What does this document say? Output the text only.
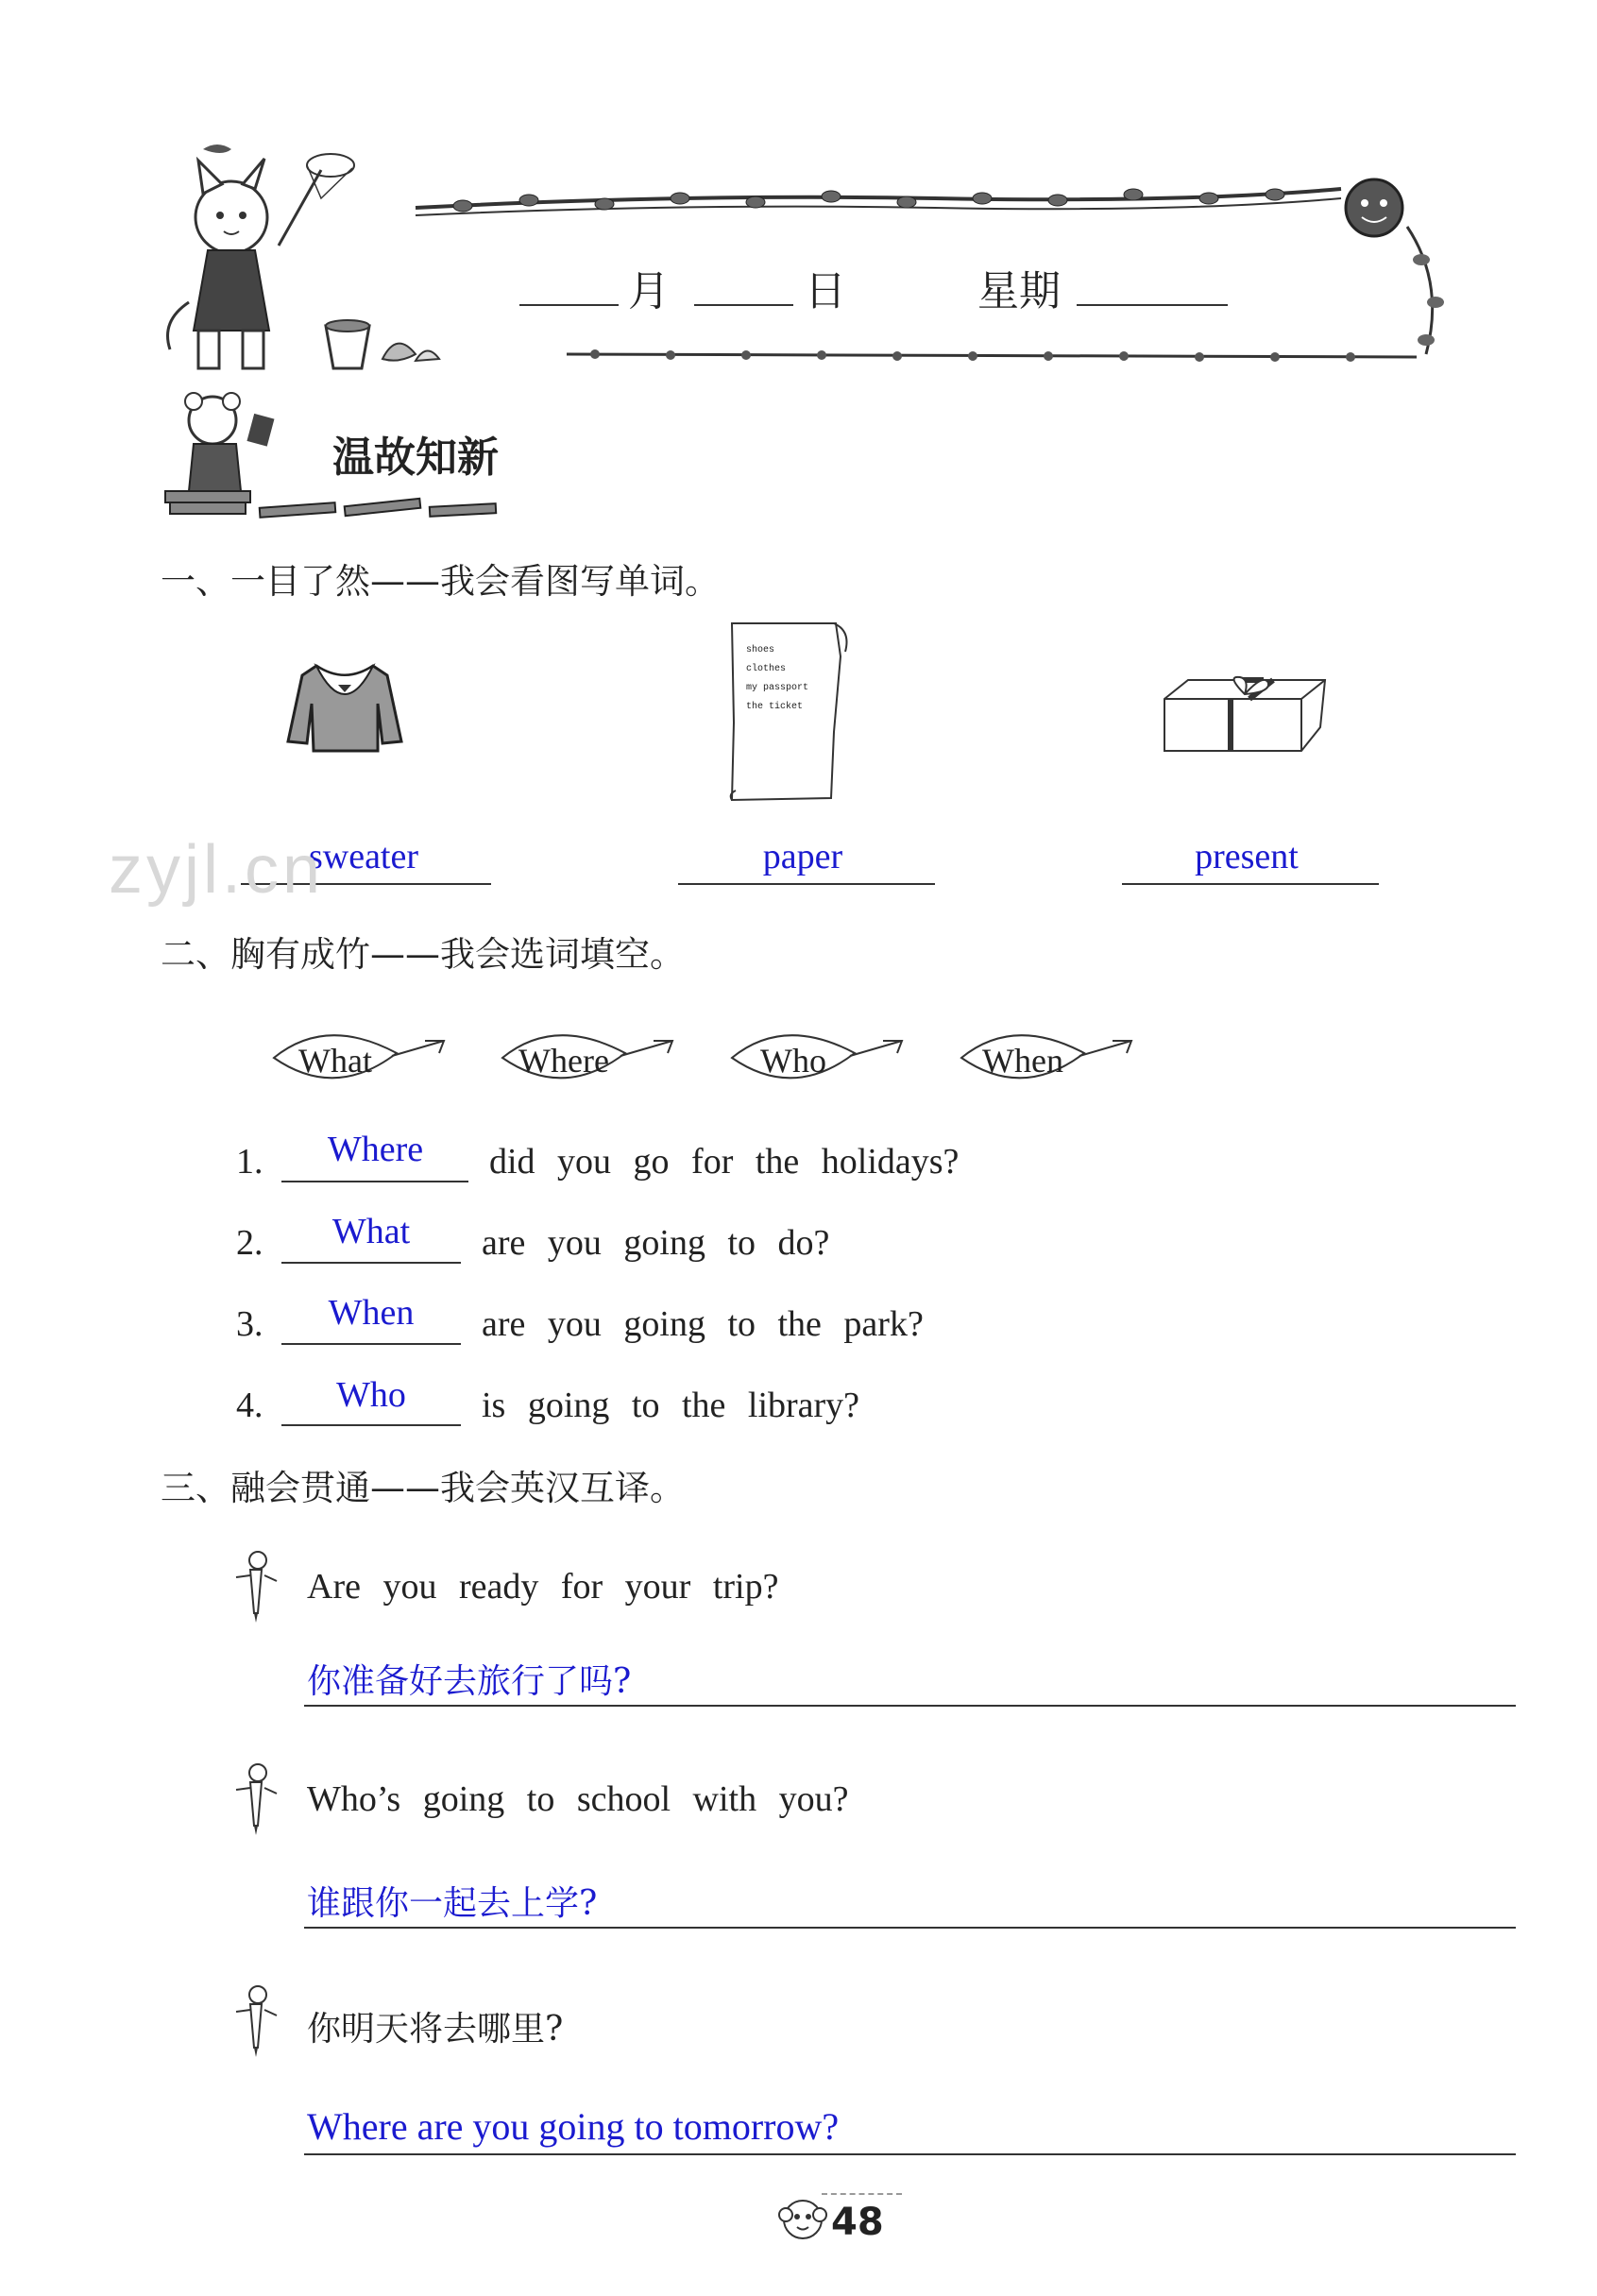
月	日	星期
温故知新
一、一目了然——我会看图写单词。
shoes
clothes
my passport
the ticket
sweater	paper	present
zyjl.cn
二、胸有成竹——我会选词填空。
What	Where	Who	When
1.	Where	did you go for the holidays?
2.	What	are you going to do?
3.	When	are you going to the park?
4.	Who	is going to the library?
三、融会贯通——我会英汉互译。
Are you ready for your trip?
你准备好去旅行了吗?
Who’s going to school with you?
谁跟你一起去上学?
你明天将去哪里?
Where are you going to tomorrow?
48
